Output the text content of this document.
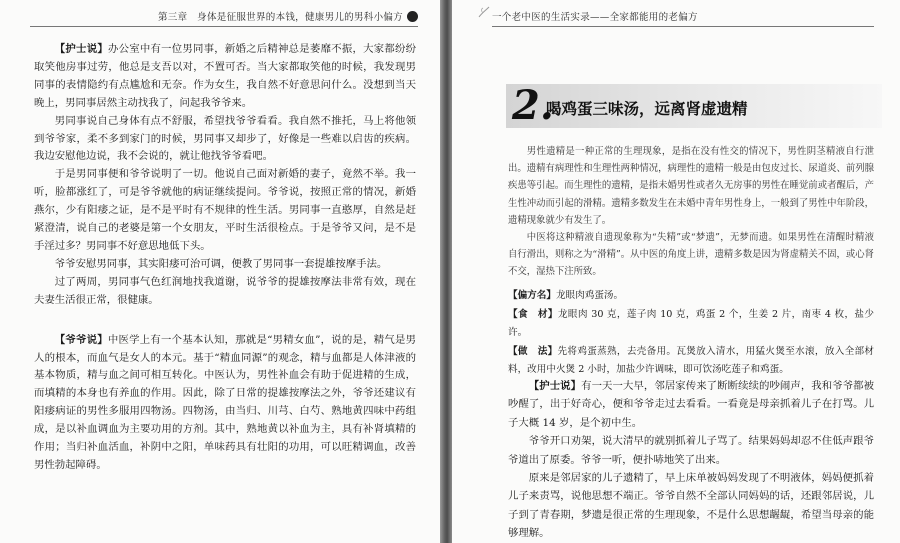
第三章　身体是征服世界的本钱，健康男儿的男科小偏方

【护士说】办公室中有一位男同事，新婚之后精神总是萎靡不振，大家都纷纷取笑他房事过劳，他总是支吾以对，不置可否。当大家都取笑他的时候，我发现男同事的表情隐约有点尴尬和无奈。作为女生，我自然不好意思问什么。没想到当天晚上，男同事居然主动找我了，问起我爷爷来。

男同事说自己身体有点不舒服，希望找爷爷看看。我自然不推托，马上将他领到爷爷家，柔不多到家门的时候，男同事又却步了，好像是一些难以启齿的疾病。我边安慰他边说，我不会说的，就让他找爷爷看吧。

于是男同事便和爷爷说明了一切。他说自己面对新婚的妻子，竟然不举。我一听，脸都涨红了，可是爷爷就他的病证继续提问。爷爷说，按照正常的情况，新婚燕尔，少有阳痿之证，是不是平时有不规律的性生活。男同事一直憨厚，自然是赶紧澄清，说自己的老婆是第一个女朋友，平时生活很检点。于是爷爷又问，是不是手淫过多？男同事不好意思地低下头。

爷爷安慰男同事，其实阳痿可治可调，便教了男同事一套提雄按摩手法。

过了两周，男同事气色红润地找我道谢，说爷爷的提雄按摩法非常有效，现在夫妻生活很正常，很健康。

【爷爷说】中医学上有一个基本认知，那就是“男精女血”，说的是，精气是男人的根本，而血气是女人的本元。基于“精血同源”的观念，精与血都是人体津液的基本物质，精与血之间可相互转化。中医认为，男性补血会有助于促进精的生成，而填精的本身也有养血的作用。因此，除了日常的提雄按摩法之外，爷爷还建议有阳痿病证的男性多服用四物汤。四物汤，由当归、川芎、白芍、熟地黄四味中药组成，是以补血调血为主要功用的方剂。其中，熟地黄以补血为主，具有补肾填精的作用；当归补血活血，补阴中之阳，单味药具有壮阳的功用，可以旺精调血，改善男性勃起障碍。

一个老中医的生活实录——全家都能用的老偏方
2.
喝鸡蛋三味汤，远离肾虚遗精

男性遗精是一种正常的生理现象，是指在没有性交的情况下，男性阴茎精液自行泄出。遗精有病理性和生理性两种情况，病理性的遗精一般是由包皮过长、尿道炎、前列腺疾患等引起。而生理性的遗精，是指未婚男性或者久无房事的男性在睡觉前或者醒后，产生性冲动而引起的滑精。遗精多数发生在未婚中青年男性身上，一般到了男性中年阶段，遗精现象就少有发生了。

中医将这种精液自遗现象称为“失精”或“梦遗”，无梦而遗。如果男性在清醒时精液自行滑出，则称之为“滑精”。从中医的角度上讲，遗精多数是因为肾虚精关不固，或心肾不交，湿热下注所致。

【偏方名】龙眼肉鸡蛋汤。

【食　材】龙眼肉 30 克，莲子肉 10 克，鸡蛋 2 个，生姜 2 片，南枣 4 枚，盐少许。

【做　法】先将鸡蛋蒸熟，去壳备用。瓦煲放入清水，用猛火煲至水滚，放入全部材料，改用中火煲 2 小时，加盐少许调味，即可饮汤吃莲子和鸡蛋。

【护士说】有一天一大早，邻居家传来了断断续续的吵闹声，我和爷爷都被吵醒了，出于好奇心，便和爷爷走过去看看。一看竟是母亲抓着儿子在打骂。儿子大概 14 岁，是个初中生。

爷爷开口劝架，说大清早的就别抓着儿子骂了。结果妈妈却忍不住低声跟爷爷道出了原委。爷爷一听，便扑哧地笑了出来。

原来是邻居家的儿子遗精了，早上床单被妈妈发现了不明液体，妈妈便抓着儿子来责骂，说他思想不端正。爷爷自然不全部认同妈妈的话，还跟邻居说，儿子到了青春期，梦遗是很正常的生理现象，不是什么思想龌龊，希望当母亲的能够理解。
